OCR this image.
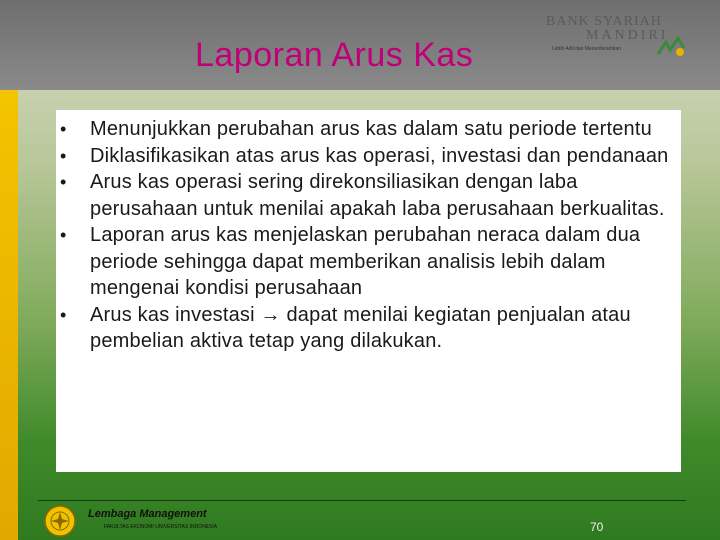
Laporan Arus Kas
BANK SYARIAH
MANDIRI
Lebih Adil dan Menenteramkan
• Menunjukkan perubahan arus kas dalam satu periode tertentu
• Diklasifikasikan atas arus kas operasi, investasi dan pendanaan
• Arus kas operasi sering direkonsiliasikan dengan laba perusahaan untuk menilai apakah laba perusahaan berkualitas.
• Laporan arus kas menjelaskan perubahan neraca dalam dua periode sehingga dapat memberikan analisis lebih dalam mengenai kondisi perusahaan
• Arus kas investasi → dapat menilai kegiatan penjualan atau pembelian aktiva tetap yang dilakukan.
Lembaga Management
FAKULTAS EKONOMI UNIVERSITAS INDONESIA	70
